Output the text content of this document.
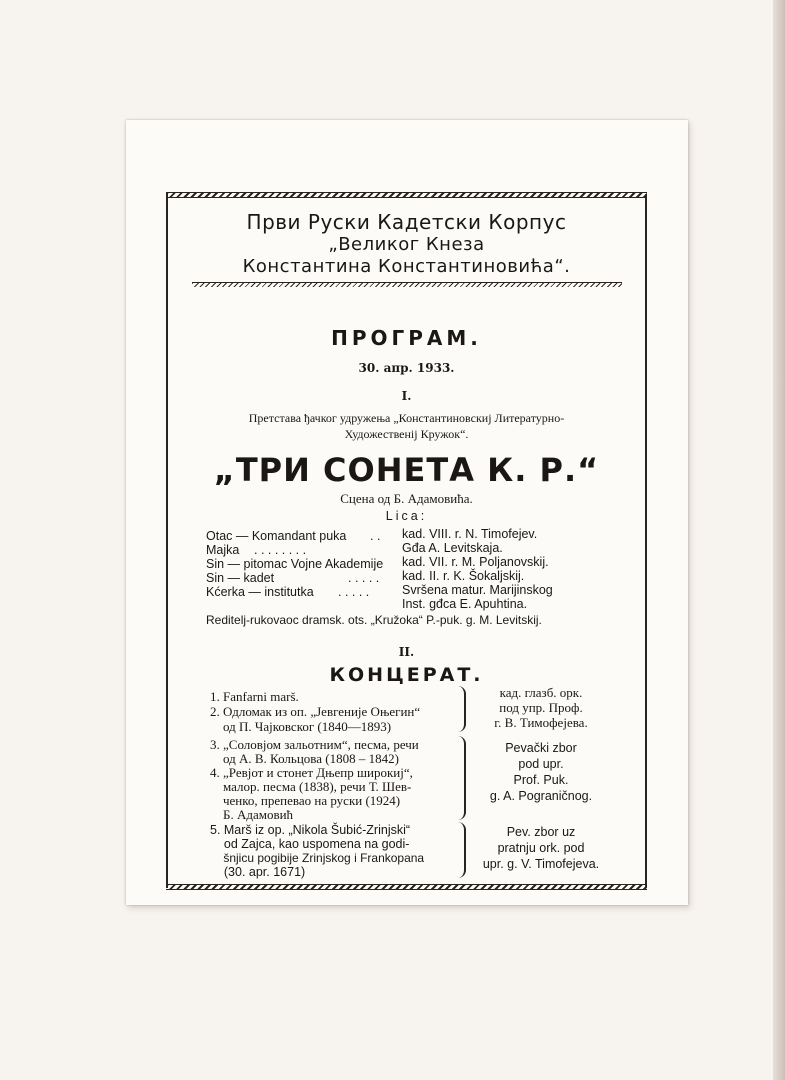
Први Руски Кадетски Корпус
„Великог Кнеза
Константина Константиновића“.
ПРОГРАМ.
30. апр. 1933.
I.
Претстава ђачког удружења „Константиновскиј Литературно-
Художественij Кружок“.
„ТРИ СОНЕТА К. Р.“
Сцена од Б. Адамовића.
Lica:
Otac — Komandant puka . . kad. VIII. r. N. Timofejev.
Majka . . . . . . . .	Gđa A. Levitskaja.
Sin — pitomac Vojne Akademije kad. VII. r. M. Poljanovskij.
Sin — kadet	. . . . . kad. II. r. K. Šokaljskij.
Kćerka — institutka . . . . .	Svršena matur. Marijinskog
Inst. gđca E. Apuhtina.
Reditelj-rukovaoc dramsk. ots. „Kružoka“ P.-puk. g. M. Levitskij.
II.
КОНЦЕРАТ.
1. Fanfarni marš.
2. Одломак из оп. „Јевгеније Оњегин“
од П. Чајковског (1840—1893)
кад. глазб. орк.
под упр. Проф.
г. В. Тимофејева.
3. „Соловјом зальотним“, песма, речи
од А. В. Кольцова (1808 – 1842)
4. „Ревјот и стонет Дњепр широкиј“,
малор. песма (1838), речи Т. Шев-
ченко, препевао на руски (1924)
Б. Адамовић
Pevački zbor
pod upr.
Prof. Puk.
g. A. Pograničnog.
5. Marš iz op. „Nikola Šubić-Zrinjski“
od Zajca, kao uspomena na godi-
šnjicu pogibije Zrinjskog i Frankopana
(30. apr. 1671)
Pev. zbor uz
pratnju ork. pod
upr. g. V. Timofejeva.
